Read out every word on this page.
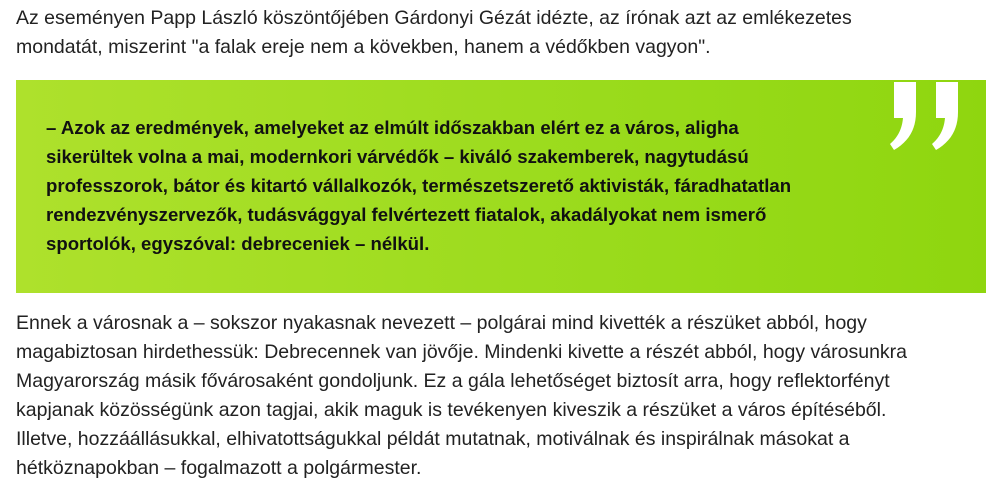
Az eseményen Papp László köszöntőjében Gárdonyi Gézát idézte, az írónak azt az emlékezetes
mondatát, miszerint "a falak ereje nem a kövekben, hanem a védőkben vagyon".

– Azok az eredmények, amelyeket az elmúlt időszakban elért ez a város, aligha
sikerültek volna a mai, modernkori várvédők – kiváló szakemberek, nagytudású
professzorok, bátor és kitartó vállalkozók, természetszerető aktivisták, fáradhatatlan
rendezvényszervezők, tudásvággyal felvértezett fiatalok, akadályokat nem ismerő
sportolók, egyszóval: debreceniek – nélkül.

Ennek a városnak a – sokszor nyakasnak nevezett – polgárai mind kivették a részüket abból, hogy
magabiztosan hirdethessük: Debrecennek van jövője. Mindenki kivette a részét abból, hogy városunkra
Magyarország másik fővárosaként gondoljunk. Ez a gála lehetőséget biztosít arra, hogy reflektorfényt
kapjanak közösségünk azon tagjai, akik maguk is tevékenyen kiveszik a részüket a város építéséből.
Illetve, hozzáállásukkal, elhivatottságukkal példát mutatnak, motiválnak és inspirálnak másokat a
hétköznapokban – fogalmazott a polgármester.
